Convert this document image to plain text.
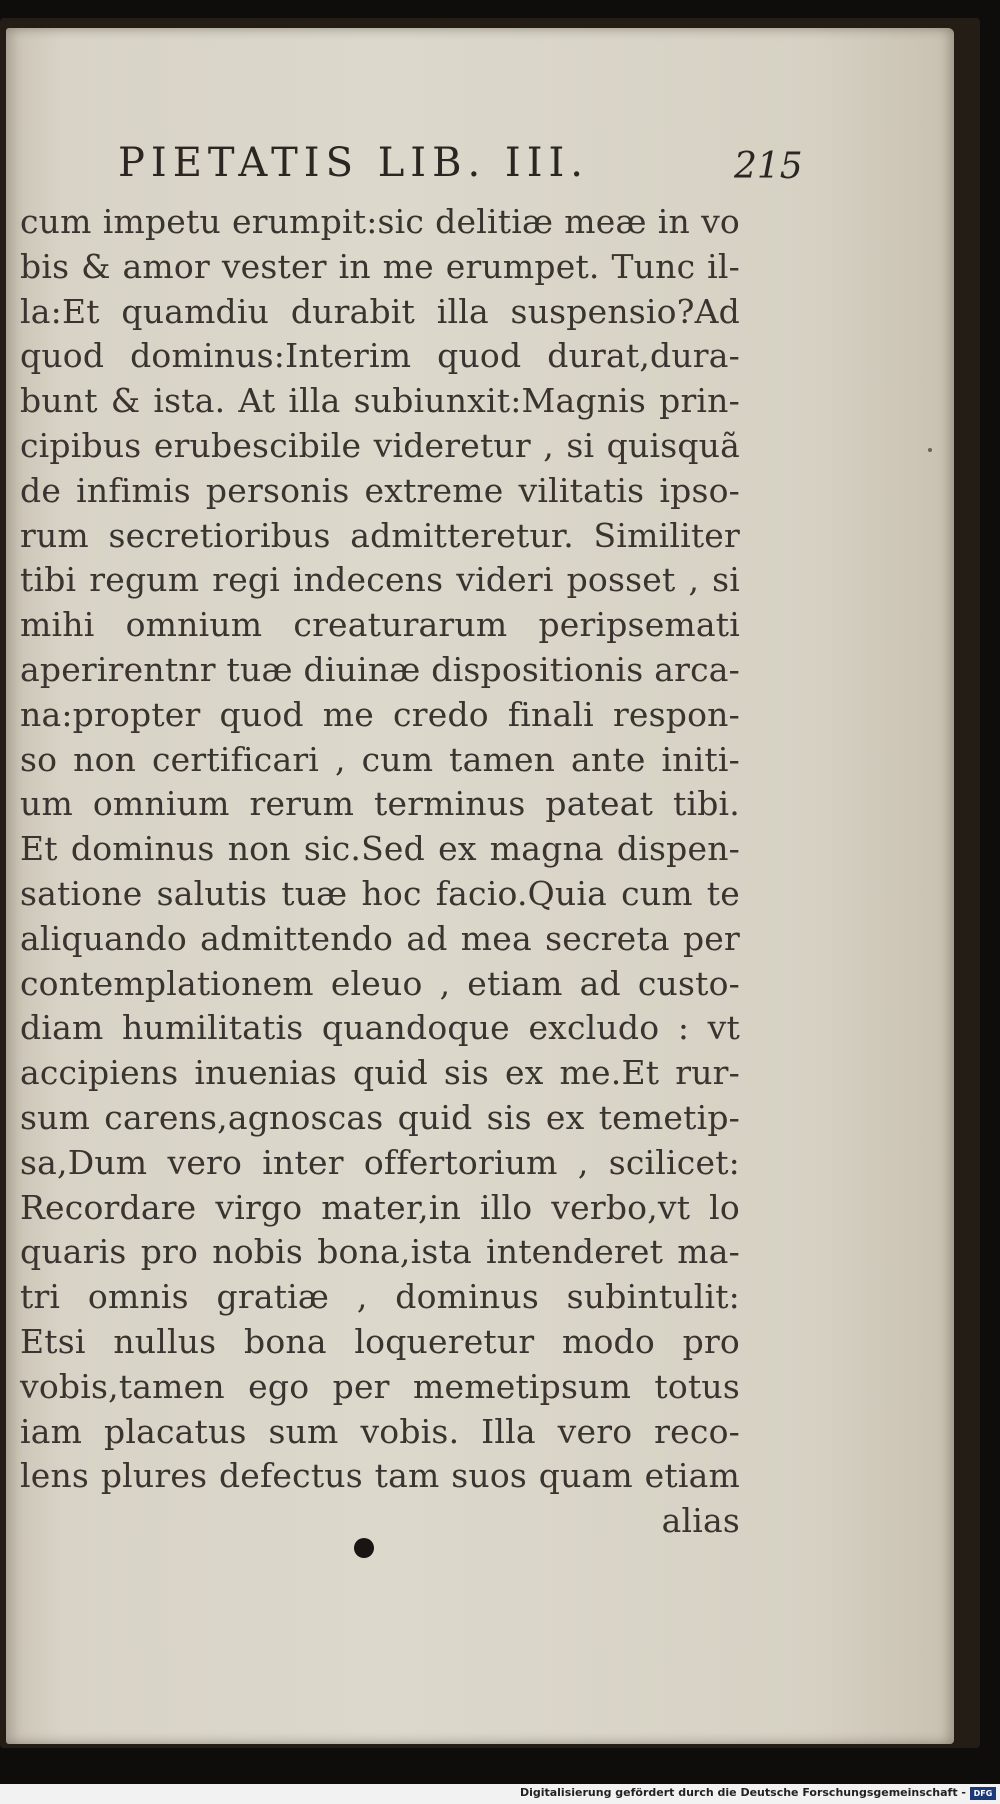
PIETATIS LIB. III.	215
cum impetu erumpit:sic delitiæ meæ in vo
bis & amor vester in me erumpet. Tunc il-
la:Et quamdiu durabit illa suspensio?Ad
quod dominus:Interim quod durat,dura-
bunt & ista. At illa subiunxit:Magnis prin-
cipibus erubescibile videretur , si quisquã
de infimis personis extreme vilitatis ipso-
rum secretioribus admitteretur. Similiter
tibi regum regi indecens videri posset , si
mihi omnium creaturarum peripsemati
aperirentnr tuæ diuinæ dispositionis arca-
na:propter quod me credo finali respon-
so non certificari , cum tamen ante initi-
um omnium rerum terminus pateat tibi.
Et dominus non sic.Sed ex magna dispen-
satione salutis tuæ hoc facio.Quia cum te
aliquando admittendo ad mea secreta per
contemplationem eleuo , etiam ad custo-
diam humilitatis quandoque excludo : vt
accipiens inuenias quid sis ex me.Et rur-
sum carens,agnoscas quid sis ex temetip-
sa,Dum vero inter offertorium , scilicet:
Recordare virgo mater,in illo verbo,vt lo
quaris pro nobis bona,ista intenderet ma-
tri omnis gratiæ , dominus subintulit:
Etsi nullus bona loqueretur modo pro
vobis,tamen ego per memetipsum totus
iam placatus sum vobis. Illa vero reco-
lens plures defectus tam suos quam etiam
alias
Digitalisierung gefördert durch die Deutsche Forschungsgemeinschaft - DFG
